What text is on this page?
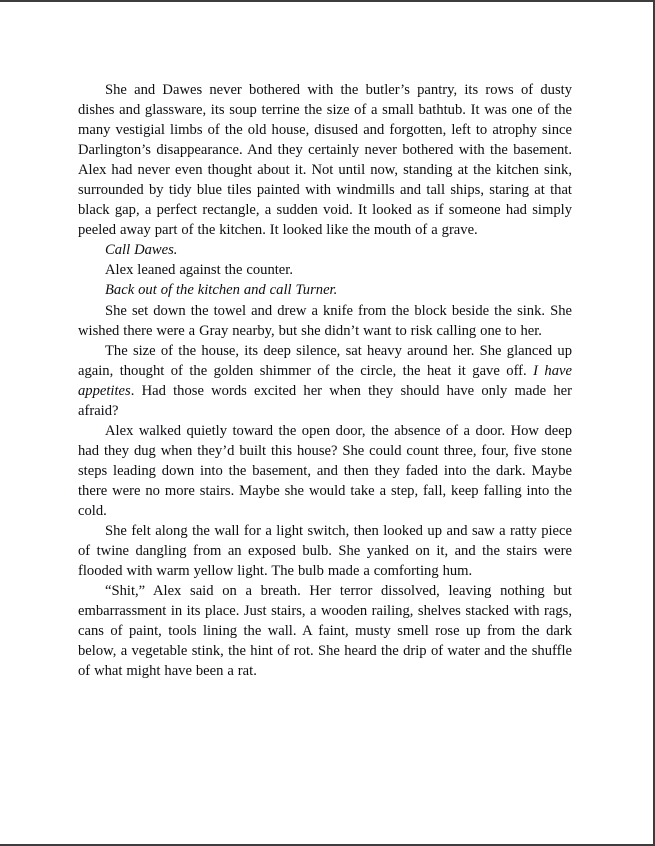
She and Dawes never bothered with the butler’s pantry, its rows of dusty dishes and glassware, its soup terrine the size of a small bathtub. It was one of the many vestigial limbs of the old house, disused and forgotten, left to atrophy since Darlington’s disappearance. And they certainly never bothered with the basement. Alex had never even thought about it. Not until now, standing at the kitchen sink, surrounded by tidy blue tiles painted with windmills and tall ships, staring at that black gap, a perfect rectangle, a sudden void. It looked as if someone had simply peeled away part of the kitchen. It looked like the mouth of a grave.

Call Dawes.

Alex leaned against the counter.

Back out of the kitchen and call Turner.

She set down the towel and drew a knife from the block beside the sink. She wished there were a Gray nearby, but she didn’t want to risk calling one to her.

The size of the house, its deep silence, sat heavy around her. She glanced up again, thought of the golden shimmer of the circle, the heat it gave off. I have appetites. Had those words excited her when they should have only made her afraid?

Alex walked quietly toward the open door, the absence of a door. How deep had they dug when they’d built this house? She could count three, four, five stone steps leading down into the basement, and then they faded into the dark. Maybe there were no more stairs. Maybe she would take a step, fall, keep falling into the cold.

She felt along the wall for a light switch, then looked up and saw a ratty piece of twine dangling from an exposed bulb. She yanked on it, and the stairs were flooded with warm yellow light. The bulb made a comforting hum.

“Shit,” Alex said on a breath. Her terror dissolved, leaving nothing but embarrassment in its place. Just stairs, a wooden railing, shelves stacked with rags, cans of paint, tools lining the wall. A faint, musty smell rose up from the dark below, a vegetable stink, the hint of rot. She heard the drip of water and the shuffle of what might have been a rat.
